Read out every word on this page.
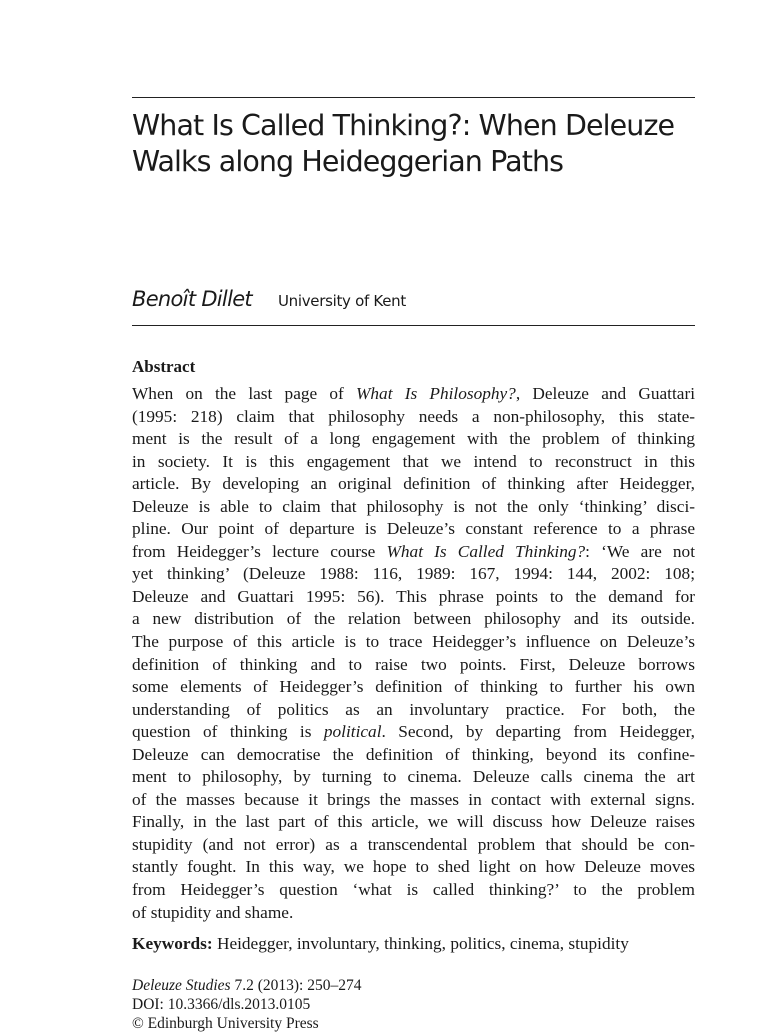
What Is Called Thinking?: When Deleuze
Walks along Heideggerian Paths
Benoît Dillet University of Kent
Abstract
When on the last page of What Is Philosophy?, Deleuze and Guattari
(1995: 218) claim that philosophy needs a non-philosophy, this state-
ment is the result of a long engagement with the problem of thinking
in society. It is this engagement that we intend to reconstruct in this
article. By developing an original definition of thinking after Heidegger,
Deleuze is able to claim that philosophy is not the only ‘thinking’ disci-
pline. Our point of departure is Deleuze’s constant reference to a phrase
from Heidegger’s lecture course What Is Called Thinking?: ‘We are not
yet thinking’ (Deleuze 1988: 116, 1989: 167, 1994: 144, 2002: 108;
Deleuze and Guattari 1995: 56). This phrase points to the demand for
a new distribution of the relation between philosophy and its outside.
The purpose of this article is to trace Heidegger’s influence on Deleuze’s
definition of thinking and to raise two points. First, Deleuze borrows
some elements of Heidegger’s definition of thinking to further his own
understanding of politics as an involuntary practice. For both, the
question of thinking is political. Second, by departing from Heidegger,
Deleuze can democratise the definition of thinking, beyond its confine-
ment to philosophy, by turning to cinema. Deleuze calls cinema the art
of the masses because it brings the masses in contact with external signs.
Finally, in the last part of this article, we will discuss how Deleuze raises
stupidity (and not error) as a transcendental problem that should be con-
stantly fought. In this way, we hope to shed light on how Deleuze moves
from Heidegger’s question ‘what is called thinking?’ to the problem
of stupidity and shame.

Keywords: Heidegger, involuntary, thinking, politics, cinema, stupidity

Deleuze Studies 7.2 (2013): 250–274
DOI: 10.3366/dls.2013.0105
© Edinburgh University Press
